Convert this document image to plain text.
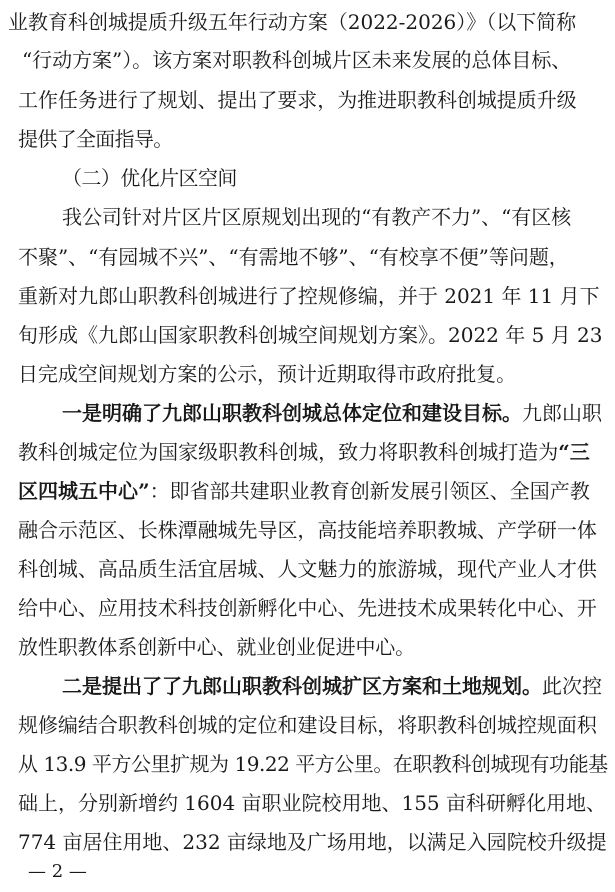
业教育科创城提质升级五年行动方案（2022-2026）》（以下简称
“行动方案”）。该方案对职教科创城片区未来发展的总体目标、
工作任务进行了规划、提出了要求，为推进职教科创城提质升级
提供了全面指导。
（二）优化片区空间
我公司针对片区片区原规划出现的“有教产不力”、“有区核
不聚”、“有园城不兴”、“有需地不够”、“有校享不便”等问题，
重新对九郎山职教科创城进行了控规修编，并于 2021 年 11 月下
旬形成《九郎山国家职教科创城空间规划方案》。2022 年 5 月 23
日完成空间规划方案的公示，预计近期取得市政府批复。
一是明确了九郎山职教科创城总体定位和建设目标。九郎山职
教科创城定位为国家级职教科创城，致力将职教科创城打造为“三
区四城五中心”：即省部共建职业教育创新发展引领区、全国产教
融合示范区、长株潭融城先导区，高技能培养职教城、产学研一体
科创城、高品质生活宜居城、人文魅力的旅游城，现代产业人才供
给中心、应用技术科技创新孵化中心、先进技术成果转化中心、开
放性职教体系创新中心、就业创业促进中心。
二是提出了了九郎山职教科创城扩区方案和土地规划。此次控
规修编结合职教科创城的定位和建设目标，将职教科创城控规面积
从 13.9 平方公里扩规为 19.22 平方公里。在职教科创城现有功能基
础上，分别新增约 1604 亩职业院校用地、155 亩科研孵化用地、
774 亩居住用地、232 亩绿地及广场用地，以满足入园院校升级提
— 2 —
